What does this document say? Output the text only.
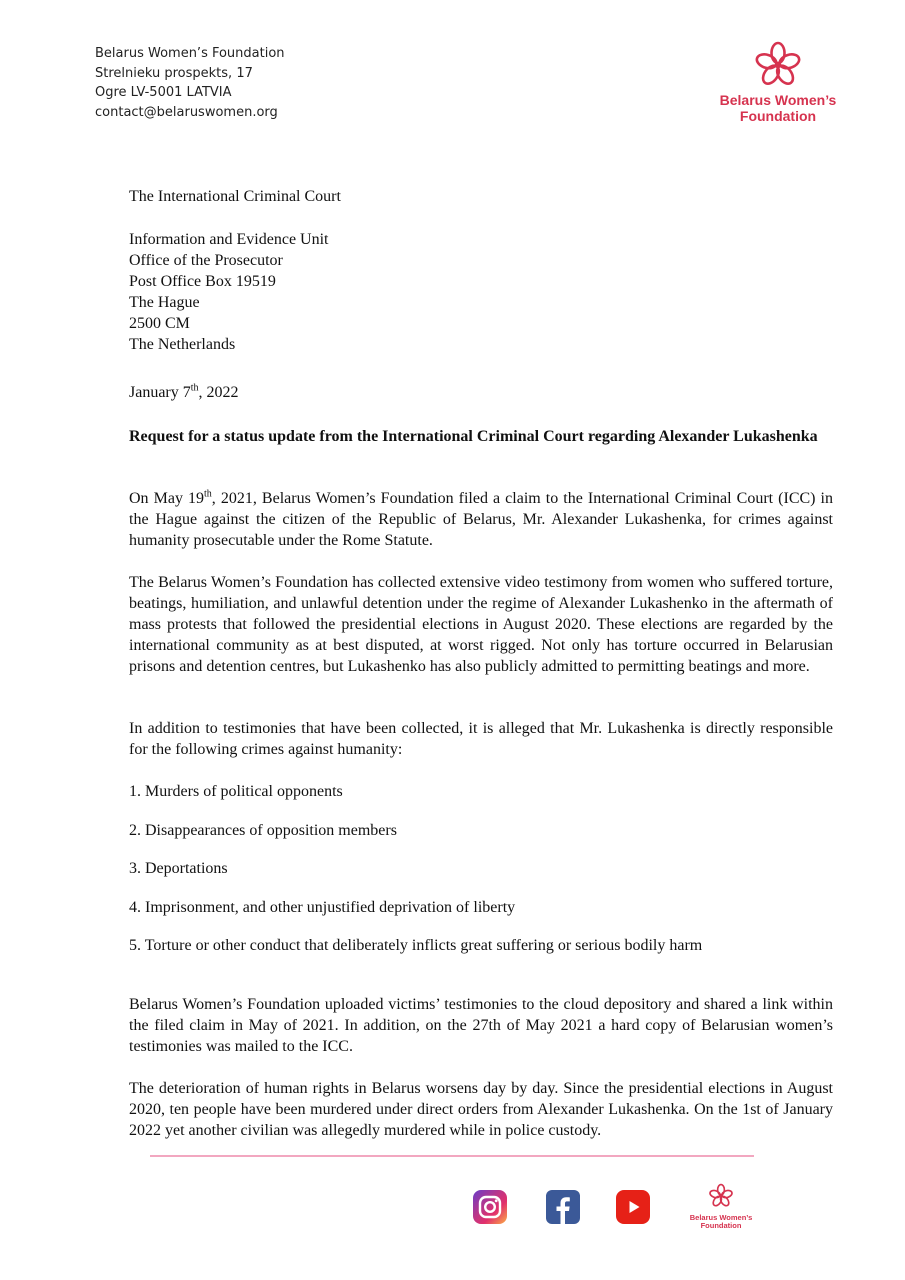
Belarus Women’s Foundation
Strelnieku prospekts, 17
Ogre LV-5001 LATVIA
contact@belaruswomen.org
Belarus Women’s
Foundation
The International Criminal Court
Information and Evidence Unit
Office of the Prosecutor
Post Office Box 19519
The Hague
2500 CM
The Netherlands
January 7th, 2022
Request for a status update from the International Criminal Court regarding Alexander Lukashenka
On May 19th, 2021, Belarus Women’s Foundation filed a claim to the International Criminal Court (ICC) in the Hague against the citizen of the Republic of Belarus, Mr. Alexander Lukashenka, for crimes against humanity prosecutable under the Rome Statute.
The Belarus Women’s Foundation has collected extensive video testimony from women who suffered torture, beatings, humiliation, and unlawful detention under the regime of Alexander Lukashenko in the aftermath of mass protests that followed the presidential elections in August 2020. These elections are regarded by the international community as at best disputed, at worst rigged. Not only has torture occurred in Belarusian prisons and detention centres, but Lukashenko has also publicly admitted to permitting beatings and more.
In addition to testimonies that have been collected, it is alleged that Mr. Lukashenka is directly responsible for the following crimes against humanity:
1. Murders of political opponents
2. Disappearances of opposition members
3. Deportations
4. Imprisonment, and other unjustified deprivation of liberty
5. Torture or other conduct that deliberately inflicts great suffering or serious bodily harm
Belarus Women’s Foundation uploaded victims’ testimonies to the cloud depository and shared a link within the filed claim in May of 2021. In addition, on the 27th of May 2021 a hard copy of Belarusian women’s testimonies was mailed to the ICC.
The deterioration of human rights in Belarus worsens day by day. Since the presidential elections in August 2020, ten people have been murdered under direct orders from Alexander Lukashenka. On the 1st of January 2022 yet another civilian was allegedly murdered while in police custody.
Belarus Women’s
Foundation
